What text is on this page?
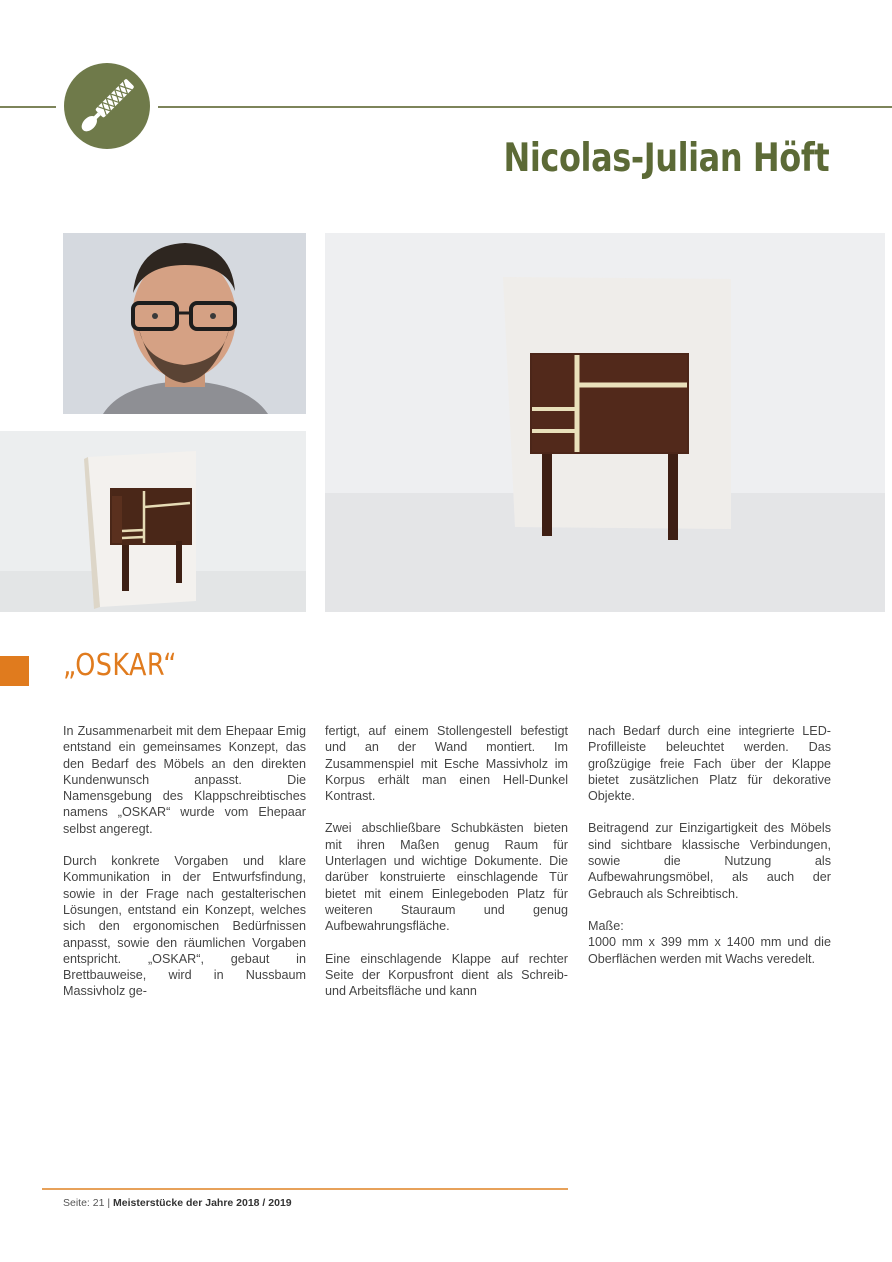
Nicolas-Julian Höft
„OSKAR“

In Zusammenarbeit mit dem Ehepaar Emig entstand ein gemeinsames Konzept, das den Bedarf des Möbels an den direkten Kundenwunsch anpasst. Die Namensgebung des Klappschreibtisches namens „OSKAR“ wurde vom Ehepaar selbst angeregt.

Durch konkrete Vorgaben und klare Kommunikation in der Entwurfsfindung, sowie in der Frage nach gestalterischen Lösungen, entstand ein Konzept, welches sich den ergonomischen Bedürfnissen anpasst, sowie den räumlichen Vorgaben entspricht. „OSKAR“, gebaut in Brettbauweise, wird in Nussbaum Massivholz ge-

fertigt, auf einem Stollengestell befestigt und an der Wand montiert. Im Zusammenspiel mit Esche Massivholz im Korpus erhält man einen Hell-Dunkel Kontrast.

Zwei abschließbare Schubkästen bieten mit ihren Maßen genug Raum für Unterlagen und wichtige Dokumente. Die darüber konstruierte einschlagende Tür bietet mit einem Einlegeboden Platz für weiteren Stauraum und genug Aufbewahrungsfläche.

Eine einschlagende Klappe auf rechter Seite der Korpusfront dient als Schreib- und Arbeitsfläche und kann

nach Bedarf durch eine integrierte LED-Profilleiste beleuchtet werden. Das großzügige freie Fach über der Klappe bietet zusätzlichen Platz für dekorative Objekte.

Beitragend zur Einzigartigkeit des Möbels sind sichtbare klassische Verbindungen, sowie die Nutzung als Aufbewahrungsmöbel, als auch der Gebrauch als Schreibtisch.

Maße:

1000 mm x 399 mm x 1400 mm und die Oberflächen werden mit Wachs veredelt.

Seite: 21 | Meisterstücke der Jahre 2018 / 2019
